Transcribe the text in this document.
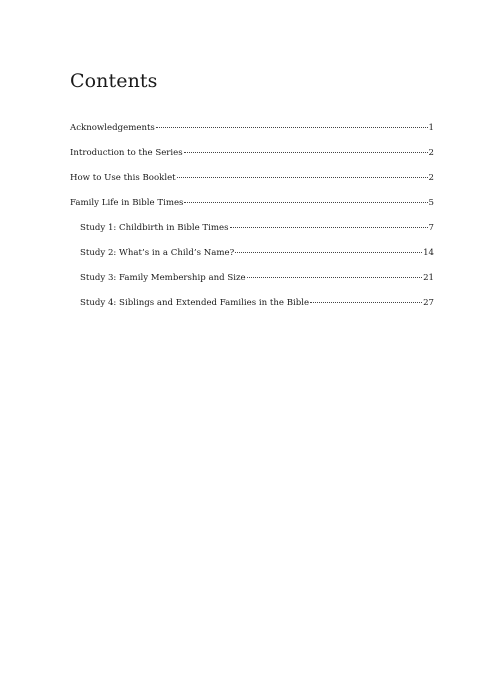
Contents
Acknowledgements	1
Introduction to the Series	2
How to Use this Booklet	2
Family Life in Bible Times	5
Study 1: Childbirth in Bible Times	7
Study 2: What’s in a Child’s Name?	14
Study 3: Family Membership and Size	21
Study 4: Siblings and Extended Families in the Bible	27
